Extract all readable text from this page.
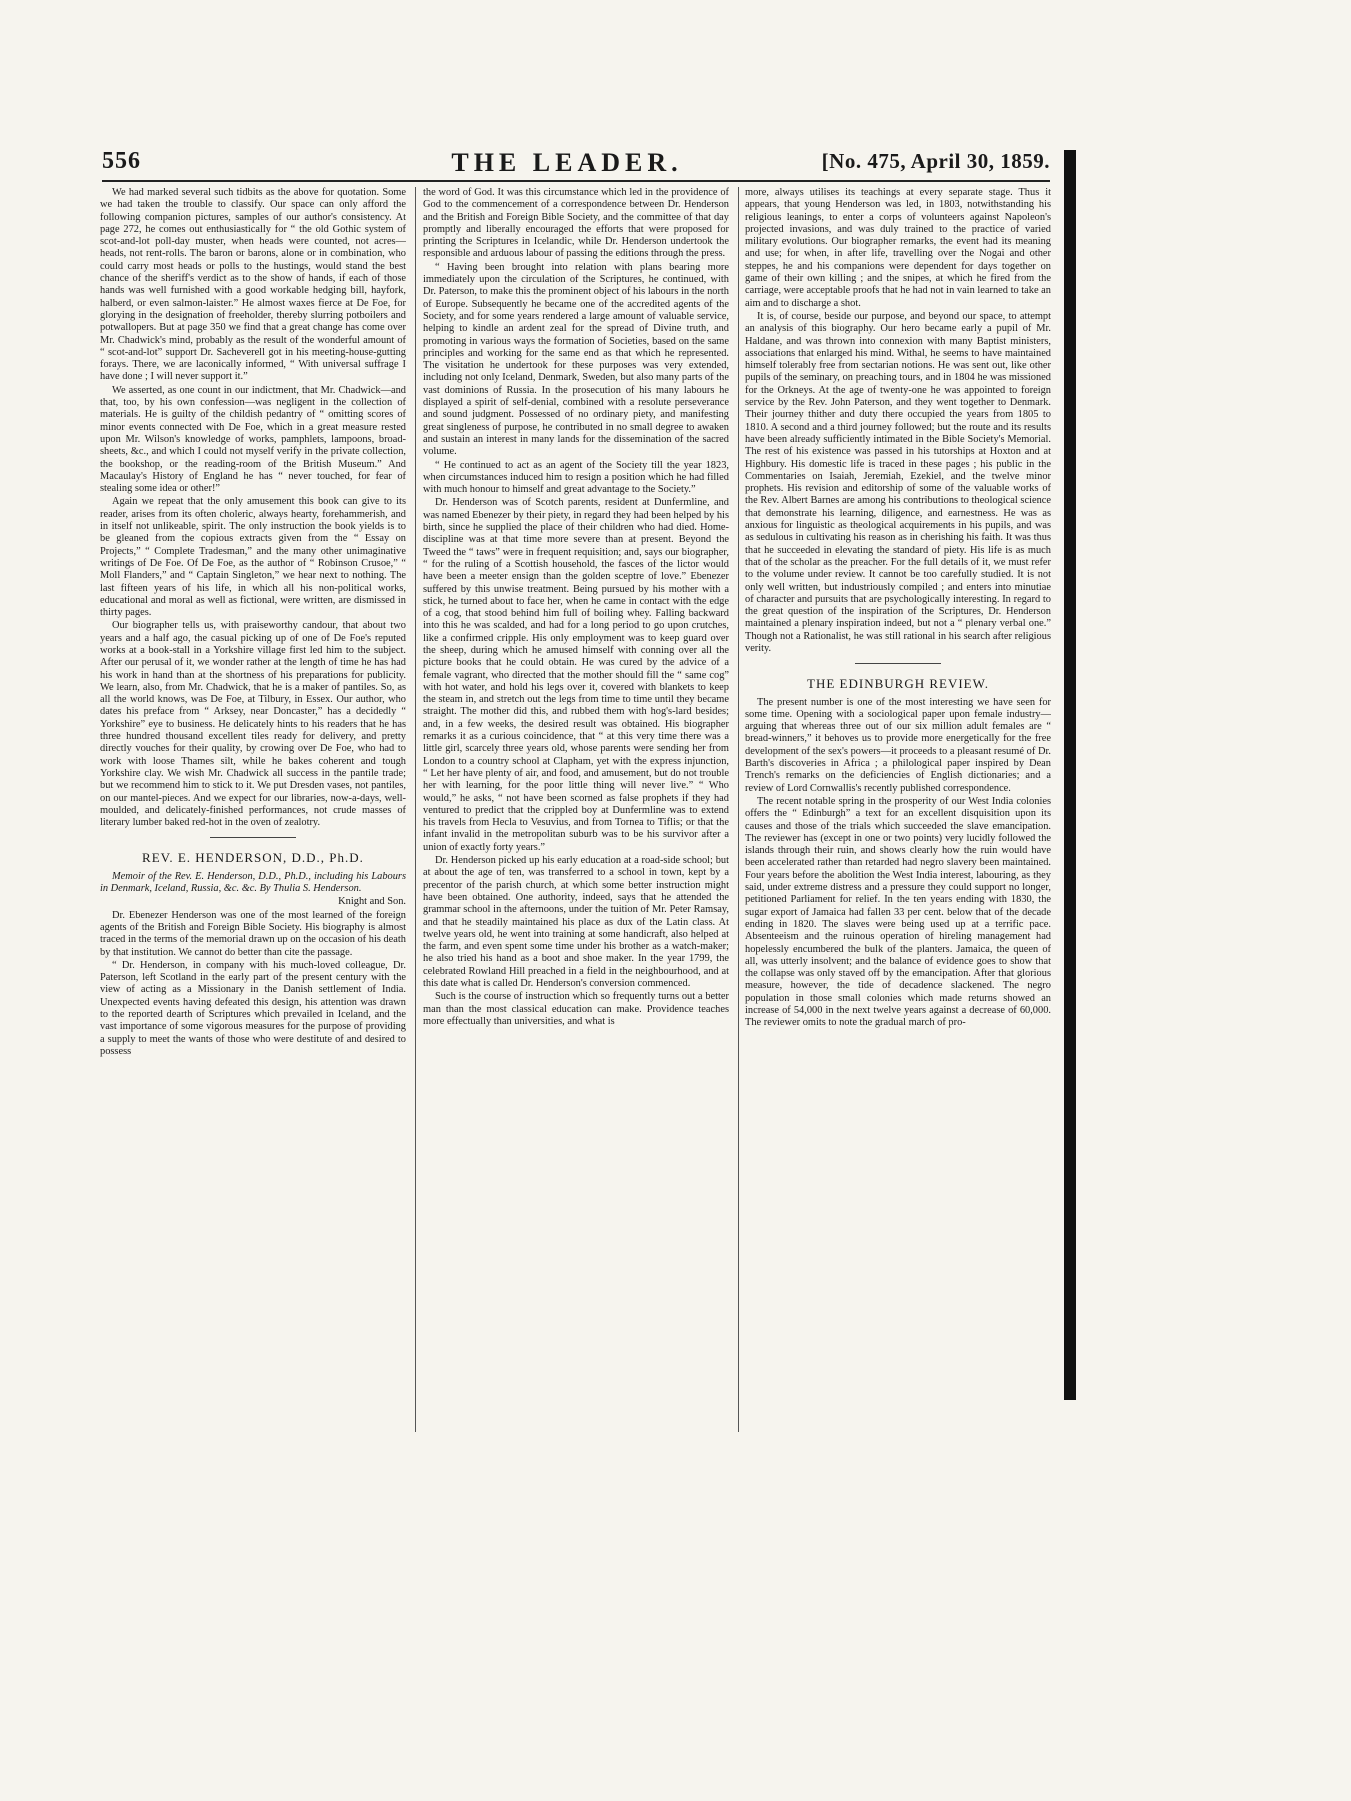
556	THE LEADER.	[No. 475, April 30, 1859.

We had marked several such tidbits as the above for quotation. Some we had taken the trouble to classify. Our space can only afford the following companion pictures, samples of our author's consistency. At page 272, he comes out enthusiastically for “ the old Gothic system of scot-and-lot poll-day muster, when heads were counted, not acres—heads, not rent-rolls. The baron or barons, alone or in combination, who could carry most heads or polls to the hustings, would stand the best chance of the sheriff's verdict as to the show of hands, if each of those hands was well furnished with a good workable hedging bill, hayfork, halberd, or even salmon-laister.” He almost waxes fierce at De Foe, for glorying in the designation of freeholder, thereby slurring potboilers and potwallopers. But at page 350 we find that a great change has come over Mr. Chadwick's mind, probably as the result of the wonderful amount of “ scot-and-lot” support Dr. Sacheverell got in his meeting-house-gutting forays. There, we are laconically informed, “ With universal suffrage I have done ; I will never support it.”

We asserted, as one count in our indictment, that Mr. Chadwick—and that, too, by his own confession—was negligent in the collection of materials. He is guilty of the childish pedantry of “ omitting scores of minor events connected with De Foe, which in a great measure rested upon Mr. Wilson's knowledge of works, pamphlets, lampoons, broad-sheets, &c., and which I could not myself verify in the private collection, the bookshop, or the reading-room of the British Museum.” And Macaulay's History of England he has “ never touched, for fear of stealing some idea or other!”

Again we repeat that the only amusement this book can give to its reader, arises from its often choleric, always hearty, forehammerish, and in itself not unlikeable, spirit. The only instruction the book yields is to be gleaned from the copious extracts given from the “ Essay on Projects,” “ Complete Tradesman,” and the many other unimaginative writings of De Foe. Of De Foe, as the author of “ Robinson Crusoe,” “ Moll Flanders,” and “ Captain Singleton,” we hear next to nothing. The last fifteen years of his life, in which all his non-political works, educational and moral as well as fictional, were written, are dismissed in thirty pages.

Our biographer tells us, with praiseworthy candour, that about two years and a half ago, the casual picking up of one of De Foe's reputed works at a book-stall in a Yorkshire village first led him to the subject. After our perusal of it, we wonder rather at the length of time he has had his work in hand than at the shortness of his preparations for publicity. We learn, also, from Mr. Chadwick, that he is a maker of pantiles. So, as all the world knows, was De Foe, at Tilbury, in Essex. Our author, who dates his preface from “ Arksey, near Doncaster,” has a decidedly “ Yorkshire” eye to business. He delicately hints to his readers that he has three hundred thousand excellent tiles ready for delivery, and pretty directly vouches for their quality, by crowing over De Foe, who had to work with loose Thames silt, while he bakes coherent and tough Yorkshire clay. We wish Mr. Chadwick all success in the pantile trade; but we recommend him to stick to it. We put Dresden vases, not pantiles, on our mantel-pieces. And we expect for our libraries, now-a-days, well-moulded, and delicately-finished performances, not crude masses of literary lumber baked red-hot in the oven of zealotry.

REV. E. HENDERSON, D.D., Ph.D.

Memoir of the Rev. E. Henderson, D.D., Ph.D., including his Labours in Denmark, Iceland, Russia, &c. &c. By Thulia S. Henderson.

Knight and Son.

Dr. Ebenezer Henderson was one of the most learned of the foreign agents of the British and Foreign Bible Society. His biography is almost traced in the terms of the memorial drawn up on the occasion of his death by that institution. We cannot do better than cite the passage.

“ Dr. Henderson, in company with his much-loved colleague, Dr. Paterson, left Scotland in the early part of the present century with the view of acting as a Missionary in the Danish settlement of India. Unexpected events having defeated this design, his attention was drawn to the reported dearth of Scriptures which prevailed in Iceland, and the vast importance of some vigorous measures for the purpose of providing a supply to meet the wants of those who were destitute of and desired to possess

the word of God. It was this circumstance which led in the providence of God to the commencement of a correspondence between Dr. Henderson and the British and Foreign Bible Society, and the committee of that day promptly and liberally encouraged the efforts that were proposed for printing the Scriptures in Icelandic, while Dr. Henderson undertook the responsible and arduous labour of passing the editions through the press.

“ Having been brought into relation with plans bearing more immediately upon the circulation of the Scriptures, he continued, with Dr. Paterson, to make this the prominent object of his labours in the north of Europe. Subsequently he became one of the accredited agents of the Society, and for some years rendered a large amount of valuable service, helping to kindle an ardent zeal for the spread of Divine truth, and promoting in various ways the formation of Societies, based on the same principles and working for the same end as that which he represented. The visitation he undertook for these purposes was very extended, including not only Iceland, Denmark, Sweden, but also many parts of the vast dominions of Russia. In the prosecution of his many labours he displayed a spirit of self-denial, combined with a resolute perseverance and sound judgment. Possessed of no ordinary piety, and manifesting great singleness of purpose, he contributed in no small degree to awaken and sustain an interest in many lands for the dissemination of the sacred volume.

“ He continued to act as an agent of the Society till the year 1823, when circumstances induced him to resign a position which he had filled with much honour to himself and great advantage to the Society.”

Dr. Henderson was of Scotch parents, resident at Dunfermline, and was named Ebenezer by their piety, in regard they had been helped by his birth, since he supplied the place of their children who had died. Home-discipline was at that time more severe than at present. Beyond the Tweed the “ taws” were in frequent requisition; and, says our biographer, “ for the ruling of a Scottish household, the fasces of the lictor would have been a meeter ensign than the golden sceptre of love.” Ebenezer suffered by this unwise treatment. Being pursued by his mother with a stick, he turned about to face her, when he came in contact with the edge of a cog, that stood behind him full of boiling whey. Falling backward into this he was scalded, and had for a long period to go upon crutches, like a confirmed cripple. His only employment was to keep guard over the sheep, during which he amused himself with conning over all the picture books that he could obtain. He was cured by the advice of a female vagrant, who directed that the mother should fill the “ same cog” with hot water, and hold his legs over it, covered with blankets to keep the steam in, and stretch out the legs from time to time until they became straight. The mother did this, and rubbed them with hog's-lard besides; and, in a few weeks, the desired result was obtained. His biographer remarks it as a curious coincidence, that “ at this very time there was a little girl, scarcely three years old, whose parents were sending her from London to a country school at Clapham, yet with the express injunction, “ Let her have plenty of air, and food, and amusement, but do not trouble her with learning, for the poor little thing will never live.” “ Who would,” he asks, “ not have been scorned as false prophets if they had ventured to predict that the crippled boy at Dunfermline was to extend his travels from Hecla to Vesuvius, and from Tornea to Tiflis; or that the infant invalid in the metropolitan suburb was to be his survivor after a union of exactly forty years.”

Dr. Henderson picked up his early education at a road-side school; but at about the age of ten, was transferred to a school in town, kept by a precentor of the parish church, at which some better instruction might have been obtained. One authority, indeed, says that he attended the grammar school in the afternoons, under the tuition of Mr. Peter Ramsay, and that he steadily maintained his place as dux of the Latin class. At twelve years old, he went into training at some handicraft, also helped at the farm, and even spent some time under his brother as a watch-maker; he also tried his hand as a boot and shoe maker. In the year 1799, the celebrated Rowland Hill preached in a field in the neighbourhood, and at this date what is called Dr. Henderson's conversion commenced.

Such is the course of instruction which so frequently turns out a better man than the most classical education can make. Providence teaches more effectually than universities, and what is

more, always utilises its teachings at every separate stage. Thus it appears, that young Henderson was led, in 1803, notwithstanding his religious leanings, to enter a corps of volunteers against Napoleon's projected invasions, and was duly trained to the practice of varied military evolutions. Our biographer remarks, the event had its meaning and use; for when, in after life, travelling over the Nogai and other steppes, he and his companions were dependent for days together on game of their own killing ; and the snipes, at which he fired from the carriage, were acceptable proofs that he had not in vain learned to take an aim and to discharge a shot.

It is, of course, beside our purpose, and beyond our space, to attempt an analysis of this biography. Our hero became early a pupil of Mr. Haldane, and was thrown into connexion with many Baptist ministers, associations that enlarged his mind. Withal, he seems to have maintained himself tolerably free from sectarian notions. He was sent out, like other pupils of the seminary, on preaching tours, and in 1804 he was missioned for the Orkneys. At the age of twenty-one he was appointed to foreign service by the Rev. John Paterson, and they went together to Denmark. Their journey thither and duty there occupied the years from 1805 to 1810. A second and a third journey followed; but the route and its results have been already sufficiently intimated in the Bible Society's Memorial. The rest of his existence was passed in his tutorships at Hoxton and at Highbury. His domestic life is traced in these pages ; his public in the Commentaries on Isaiah, Jeremiah, Ezekiel, and the twelve minor prophets. His revision and editorship of some of the valuable works of the Rev. Albert Barnes are among his contributions to theological science that demonstrate his learning, diligence, and earnestness. He was as anxious for linguistic as theological acquirements in his pupils, and was as sedulous in cultivating his reason as in cherishing his faith. It was thus that he succeeded in elevating the standard of piety. His life is as much that of the scholar as the preacher. For the full details of it, we must refer to the volume under review. It cannot be too carefully studied. It is not only well written, but industriously compiled ; and enters into minutiae of character and pursuits that are psychologically interesting. In regard to the great question of the inspiration of the Scriptures, Dr. Henderson maintained a plenary inspiration indeed, but not a “ plenary verbal one.” Though not a Rationalist, he was still rational in his search after religious verity.

THE EDINBURGH REVIEW.

The present number is one of the most interesting we have seen for some time. Opening with a sociological paper upon female industry—arguing that whereas three out of our six million adult females are “ bread-winners,” it behoves us to provide more energetically for the free development of the sex's powers—it proceeds to a pleasant resumé of Dr. Barth's discoveries in Africa ; a philological paper inspired by Dean Trench's remarks on the deficiencies of English dictionaries; and a review of Lord Cornwallis's recently published correspondence.

The recent notable spring in the prosperity of our West India colonies offers the “ Edinburgh” a text for an excellent disquisition upon its causes and those of the trials which succeeded the slave emancipation. The reviewer has (except in one or two points) very lucidly followed the islands through their ruin, and shows clearly how the ruin would have been accelerated rather than retarded had negro slavery been maintained. Four years before the abolition the West India interest, labouring, as they said, under extreme distress and a pressure they could support no longer, petitioned Parliament for relief. In the ten years ending with 1830, the sugar export of Jamaica had fallen 33 per cent. below that of the decade ending in 1820. The slaves were being used up at a terrific pace. Absenteeism and the ruinous operation of hireling management had hopelessly encumbered the bulk of the planters. Jamaica, the queen of all, was utterly insolvent; and the balance of evidence goes to show that the collapse was only staved off by the emancipation. After that glorious measure, however, the tide of decadence slackened. The negro population in those small colonies which made returns showed an increase of 54,000 in the next twelve years against a decrease of 60,000. The reviewer omits to note the gradual march of pro-
